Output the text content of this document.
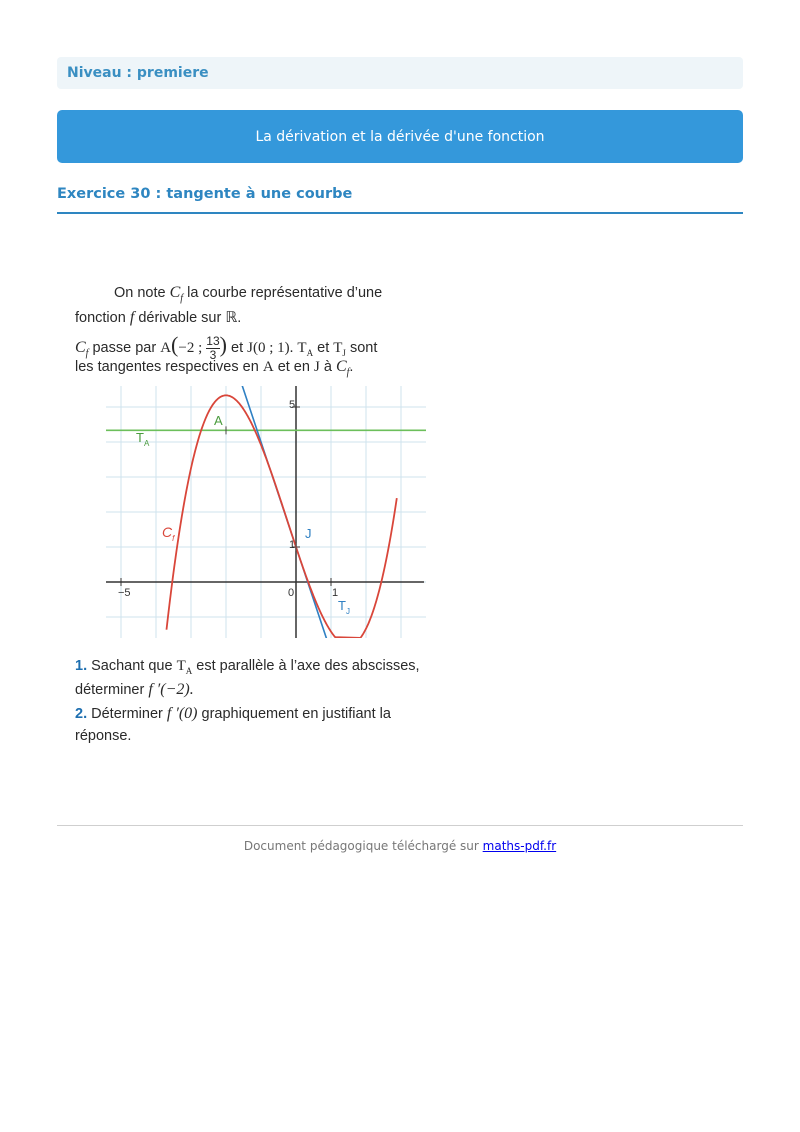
Niveau : premiere
La dérivation et la dérivée d'une fonction
Exercice 30 : tangente à une courbe
On note $C_f$ la courbe représentative d’une
fonction f dérivable sur ℝ.
$C_f$ passe par A(−2 ; $\frac{13}{3}$ ) et J(0 ; 1). $T_A$ et $T_J$ sont
les tangentes respectives en A et en J à $C_f$.
−5	0	1
1
5
$T_A$
A
J
$C_f$
$T_J$
1. Sachant que $T_A$ est parallèle à l’axe des abscisses,
déterminer f ′(−2).
2. Déterminer f ′(0) graphiquement en justifiant la
réponse.
Document pédagogique téléchargé sur maths-pdf.fr
